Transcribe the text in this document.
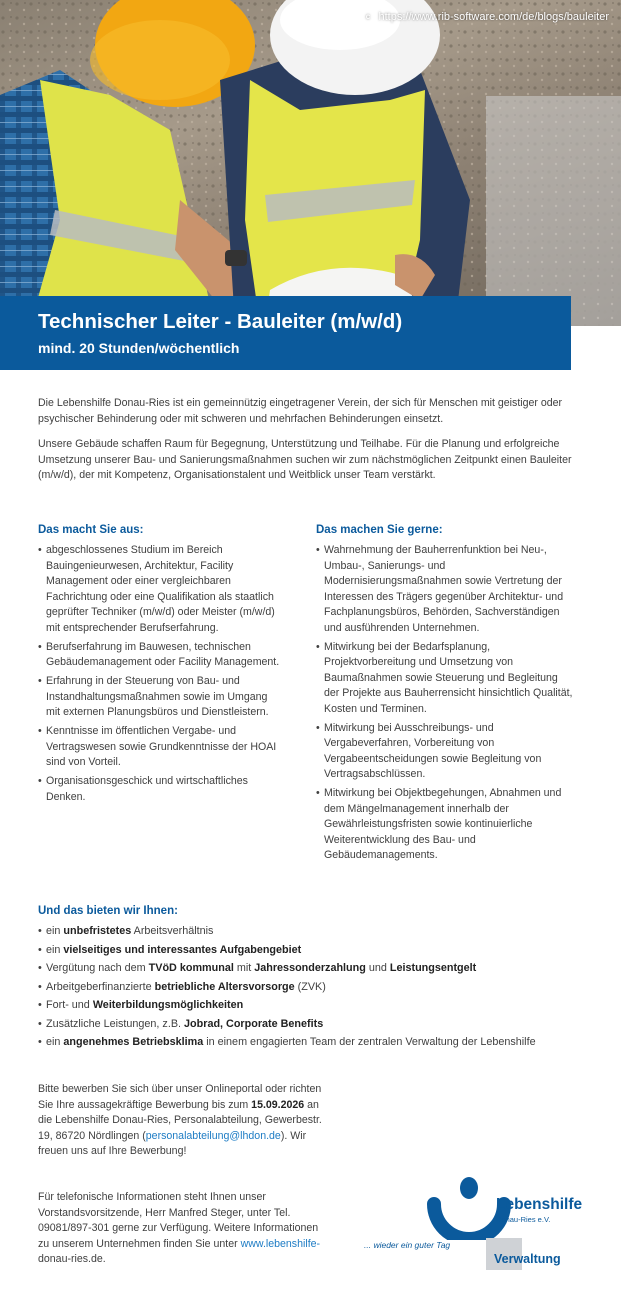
c https://www.rib-software.com/de/blogs/bauleiter
Technischer Leiter - Bauleiter (m/w/d)
mind. 20 Stunden/wöchentlich
Die Lebenshilfe Donau-Ries ist ein gemeinnützig eingetragener Verein, der sich für Menschen mit geistiger oder psychischer Behinderung oder mit schweren und mehrfachen Behinderungen einsetzt.
Unsere Gebäude schaffen Raum für Begegnung, Unterstützung und Teilhabe. Für die Planung und erfolgreiche Umsetzung unserer Bau- und Sanierungsmaßnahmen suchen wir zum nächstmöglichen Zeitpunkt einen Bauleiter (m/w/d), der mit Kompetenz, Organisationstalent und Weitblick unser Team verstärkt.
Das macht Sie aus:
• abgeschlossenes Studium im Bereich Bauingenieurwesen, Architektur, Facility Management oder einer vergleichbaren Fachrichtung oder eine Qualifikation als staatlich geprüfter Techniker (m/w/d) oder Meister (m/w/d) mit entsprechender Berufserfahrung.
• Berufserfahrung im Bauwesen, technischen Gebäudemanagement oder Facility Management.
• Erfahrung in der Steuerung von Bau- und Instandhaltungsmaßnahmen sowie im Umgang mit externen Planungsbüros und Dienstleistern.
• Kenntnisse im öffentlichen Vergabe- und Vertragswesen sowie Grundkenntnisse der HOAI sind von Vorteil.
• Organisationsgeschick und wirtschaftliches Denken.
Das machen Sie gerne:
• Wahrnehmung der Bauherrenfunktion bei Neu-, Umbau-, Sanierungs- und Modernisierungsmaßnahmen sowie Vertretung der Interessen des Trägers gegenüber Architektur- und Fachplanungsbüros, Behörden, Sachverständigen und ausführenden Unternehmen.
• Mitwirkung bei der Bedarfsplanung, Projektvorbereitung und Umsetzung von Baumaßnahmen sowie Steuerung und Begleitung der Projekte aus Bauherrensicht hinsichtlich Qualität, Kosten und Terminen.
• Mitwirkung bei Ausschreibungs- und Vergabeverfahren, Vorbereitung von Vergabeentscheidungen sowie Begleitung von Vertragsabschlüssen.
• Mitwirkung bei Objektbegehungen, Abnahmen und dem Mängelmanagement innerhalb der Gewährleistungsfristen sowie kontinuierliche Weiterentwicklung des Bau- und Gebäudemanagements.
Und das bieten wir Ihnen:
• ein unbefristetes Arbeitsverhältnis
• ein vielseitiges und interessantes Aufgabengebiet
• Vergütung nach dem TVöD kommunal mit Jahressonderzahlung und Leistungsentgelt
• Arbeitgeberfinanzierte betriebliche Altersvorsorge (ZVK)
• Fort- und Weiterbildungsmöglichkeiten
• Zusätzliche Leistungen, z.B. Jobrad, Corporate Benefits
• ein angenehmes Betriebsklima in einem engagierten Team der zentralen Verwaltung der Lebenshilfe
Bitte bewerben Sie sich über unser Onlineportal oder richten Sie Ihre aussagekräftige Bewerbung bis zum 15.09.2026 an die Lebenshilfe Donau-Ries, Personalabteilung, Gewerbestr. 19, 86720 Nördlingen (personalabteilung@lhdon.de). Wir freuen uns auf Ihre Bewerbung!
Für telefonische Informationen steht Ihnen unser Vorstandsvorsitzende, Herr Manfred Steger, unter Tel. 09081/897-301 gerne zur Verfügung. Weitere Informationen zu unserem Unternehmen finden Sie unter www.lebenshilfe-donau-ries.de.
Lebenshilfe
Donau-Ries e.V.
... wieder ein guter Tag
Verwaltung
